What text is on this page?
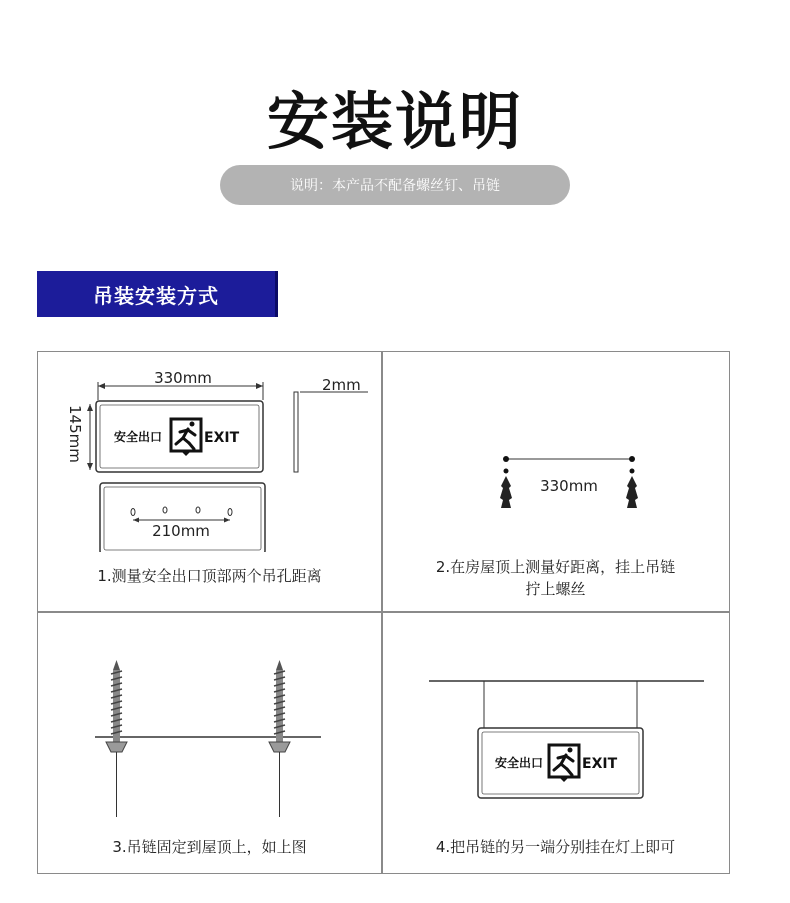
安装说明
说明：本产品不配备螺丝钉、吊链
吊装安装方式
330mm
145mm	安全出口	EXIT
2mm
210mm
1.测量安全出口顶部两个吊孔距离
330mm
2.在房屋顶上测量好距离，挂上吊链
拧上螺丝
3.吊链固定到屋顶上，如上图
安全出口	EXIT
4.把吊链的另一端分别挂在灯上即可
